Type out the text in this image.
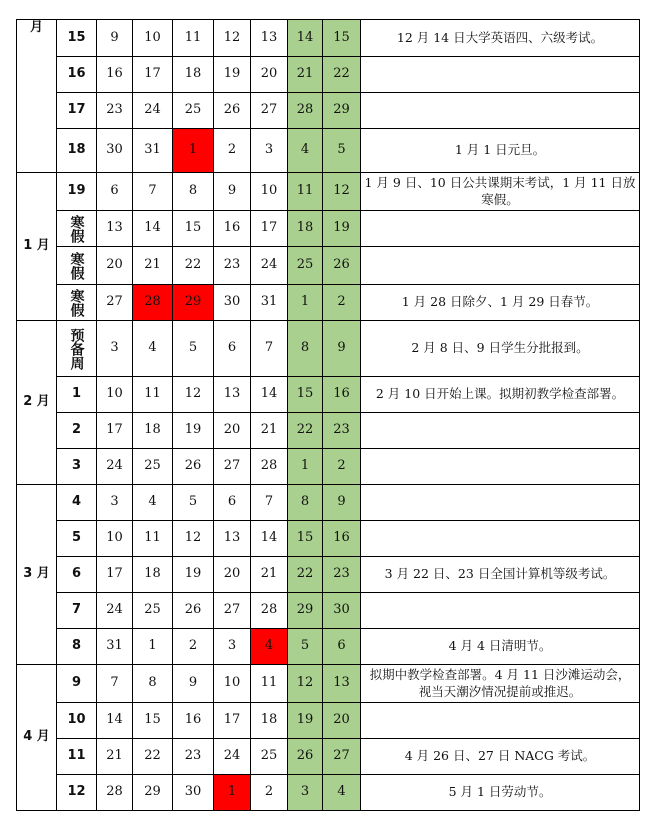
月	15	9	10	11	12	13	14	15	12 月 14 日大学英语四、六级考试。
	16	16	17	18	19	20	21	22	
	17	23	24	25	26	27	28	29	
	18	30	31	1	2	3	4	5	1 月 1 日元旦。
1 月	19	6	7	8	9	10	11	12	1 月 9 日、10 日公共课期末考试，1 月 11 日放寒假。
	寒假	13	14	15	16	17	18	19	
	寒假	20	21	22	23	24	25	26	
	寒假	27	28	29	30	31	1	2	1 月 28 日除夕、1 月 29 日春节。
2 月	预备周	3	4	5	6	7	8	9	2 月 8 日、9 日学生分批报到。
	1	10	11	12	13	14	15	16	2 月 10 日开始上课。拟期初教学检查部署。
	2	17	18	19	20	21	22	23	
	3	24	25	26	27	28	1	2	
3 月	4	3	4	5	6	7	8	9	
	5	10	11	12	13	14	15	16	
	6	17	18	19	20	21	22	23	3 月 22 日、23 日全国计算机等级考试。
	7	24	25	26	27	28	29	30	
	8	31	1	2	3	4	5	6	4 月 4 日清明节。
4 月	9	7	8	9	10	11	12	13	拟期中教学检查部署。4 月 11 日沙滩运动会，视当天潮汐情况提前或推迟。
	10	14	15	16	17	18	19	20	
	11	21	22	23	24	25	26	27	4 月 26 日、27 日 NACG 考试。
	12	28	29	30	1	2	3	4	5 月 1 日劳动节。
